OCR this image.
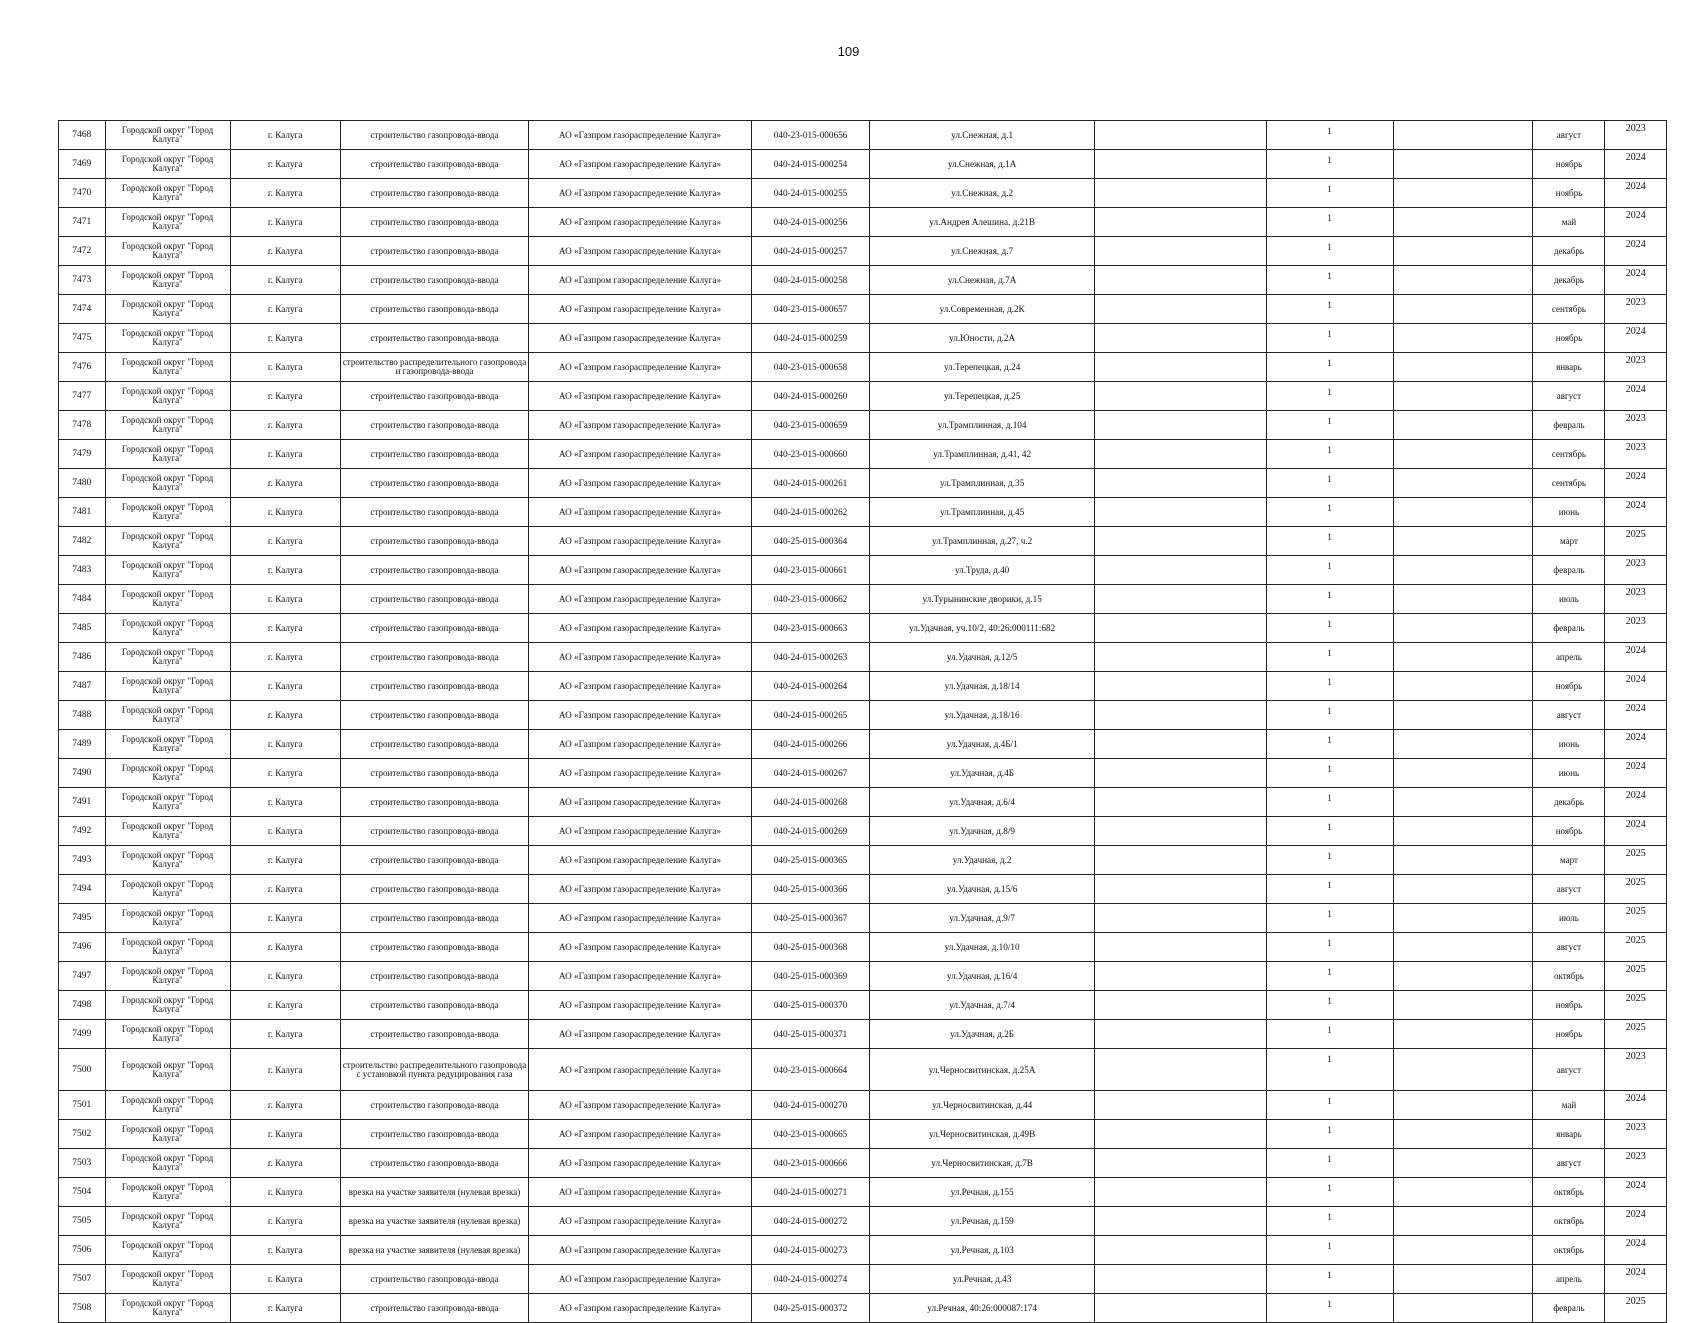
109
7468	Городской округ "Город Калуга"	г. Калуга	строительство газопровода-ввода	АО «Газпром газораспределение Калуга»	040-23-015-000656	ул.Снежная, д.1		1		август	2023
7469	Городской округ "Город Калуга"	г. Калуга	строительство газопровода-ввода	АО «Газпром газораспределение Калуга»	040-24-015-000254	ул.Снежная, д.1А		1		ноябрь	2024
7470	Городской округ "Город Калуга"	г. Калуга	строительство газопровода-ввода	АО «Газпром газораспределение Калуга»	040-24-015-000255	ул.Снежная, д.2		1		ноябрь	2024
7471	Городской округ "Город Калуга"	г. Калуга	строительство газопровода-ввода	АО «Газпром газораспределение Калуга»	040-24-015-000256	ул.Андрея Алешина, д.21В		1		май	2024
7472	Городской округ "Город Калуга"	г. Калуга	строительство газопровода-ввода	АО «Газпром газораспределение Калуга»	040-24-015-000257	ул.Снежная, д.7		1		декабрь	2024
7473	Городской округ "Город Калуга"	г. Калуга	строительство газопровода-ввода	АО «Газпром газораспределение Калуга»	040-24-015-000258	ул.Снежная, д.7А		1		декабрь	2024
7474	Городской округ "Город Калуга"	г. Калуга	строительство газопровода-ввода	АО «Газпром газораспределение Калуга»	040-23-015-000657	ул.Современная, д.2К		1		сентябрь	2023
7475	Городской округ "Город Калуга"	г. Калуга	строительство газопровода-ввода	АО «Газпром газораспределение Калуга»	040-24-015-000259	ул.Юности, д.2А		1		ноябрь	2024
7476	Городской округ "Город Калуга"	г. Калуга	строительство распределительного газопровода и газопровода-ввода	АО «Газпром газораспределение Калуга»	040-23-015-000658	ул.Терепецкая, д.24		1		январь	2023
7477	Городской округ "Город Калуга"	г. Калуга	строительство газопровода-ввода	АО «Газпром газораспределение Калуга»	040-24-015-000260	ул.Терепецкая, д.25		1		август	2024
7478	Городской округ "Город Калуга"	г. Калуга	строительство газопровода-ввода	АО «Газпром газораспределение Калуга»	040-23-015-000659	ул.Трамплинная, д.104		1		февраль	2023
7479	Городской округ "Город Калуга"	г. Калуга	строительство газопровода-ввода	АО «Газпром газораспределение Калуга»	040-23-015-000660	ул.Трамплинная, д.41, 42		1		сентябрь	2023
7480	Городской округ "Город Калуга"	г. Калуга	строительство газопровода-ввода	АО «Газпром газораспределение Калуга»	040-24-015-000261	ул.Трамплинная, д.35		1		сентябрь	2024
7481	Городской округ "Город Калуга"	г. Калуга	строительство газопровода-ввода	АО «Газпром газораспределение Калуга»	040-24-015-000262	ул.Трамплинная, д.45		1		июнь	2024
7482	Городской округ "Город Калуга"	г. Калуга	строительство газопровода-ввода	АО «Газпром газораспределение Калуга»	040-25-015-000364	ул.Трамплинная, д.27, ч.2		1		март	2025
7483	Городской округ "Город Калуга"	г. Калуга	строительство газопровода-ввода	АО «Газпром газораспределение Калуга»	040-23-015-000661	ул.Труда, д.40		1		февраль	2023
7484	Городской округ "Город Калуга"	г. Калуга	строительство газопровода-ввода	АО «Газпром газораспределение Калуга»	040-23-015-000662	ул.Турынинские дворики, д.15		1		июль	2023
7485	Городской округ "Город Калуга"	г. Калуга	строительство газопровода-ввода	АО «Газпром газораспределение Калуга»	040-23-015-000663	ул.Удачная, уч.10/2, 40:26:000111:682		1		февраль	2023
7486	Городской округ "Город Калуга"	г. Калуга	строительство газопровода-ввода	АО «Газпром газораспределение Калуга»	040-24-015-000263	ул.Удачная, д.12/5		1		апрель	2024
7487	Городской округ "Город Калуга"	г. Калуга	строительство газопровода-ввода	АО «Газпром газораспределение Калуга»	040-24-015-000264	ул.Удачная, д.18/14		1		ноябрь	2024
7488	Городской округ "Город Калуга"	г. Калуга	строительство газопровода-ввода	АО «Газпром газораспределение Калуга»	040-24-015-000265	ул.Удачная, д.18/16		1		август	2024
7489	Городской округ "Город Калуга"	г. Калуга	строительство газопровода-ввода	АО «Газпром газораспределение Калуга»	040-24-015-000266	ул.Удачная, д.4Б/1		1		июнь	2024
7490	Городской округ "Город Калуга"	г. Калуга	строительство газопровода-ввода	АО «Газпром газораспределение Калуга»	040-24-015-000267	ул.Удачная, д.4Б		1		июнь	2024
7491	Городской округ "Город Калуга"	г. Калуга	строительство газопровода-ввода	АО «Газпром газораспределение Калуга»	040-24-015-000268	ул.Удачная, д.6/4		1		декабрь	2024
7492	Городской округ "Город Калуга"	г. Калуга	строительство газопровода-ввода	АО «Газпром газораспределение Калуга»	040-24-015-000269	ул.Удачная, д.8/9		1		ноябрь	2024
7493	Городской округ "Город Калуга"	г. Калуга	строительство газопровода-ввода	АО «Газпром газораспределение Калуга»	040-25-015-000365	ул.Удачная, д.2		1		март	2025
7494	Городской округ "Город Калуга"	г. Калуга	строительство газопровода-ввода	АО «Газпром газораспределение Калуга»	040-25-015-000366	ул.Удачная, д.15/6		1		август	2025
7495	Городской округ "Город Калуга"	г. Калуга	строительство газопровода-ввода	АО «Газпром газораспределение Калуга»	040-25-015-000367	ул.Удачная, д.9/7		1		июль	2025
7496	Городской округ "Город Калуга"	г. Калуга	строительство газопровода-ввода	АО «Газпром газораспределение Калуга»	040-25-015-000368	ул.Удачная, д.10/10		1		август	2025
7497	Городской округ "Город Калуга"	г. Калуга	строительство газопровода-ввода	АО «Газпром газораспределение Калуга»	040-25-015-000369	ул.Удачная, д.16/4		1		октябрь	2025
7498	Городской округ "Город Калуга"	г. Калуга	строительство газопровода-ввода	АО «Газпром газораспределение Калуга»	040-25-015-000370	ул.Удачная, д.7/4		1		ноябрь	2025
7499	Городской округ "Город Калуга"	г. Калуга	строительство газопровода-ввода	АО «Газпром газораспределение Калуга»	040-25-015-000371	ул.Удачная, д.2Б		1		ноябрь	2025
7500	Городской округ "Город Калуга"	г. Калуга	строительство распределительного газопровода с установкой пункта редуцирования газа	АО «Газпром газораспределение Калуга»	040-23-015-000664	ул.Черносвитинская, д.25А		1		август	2023
7501	Городской округ "Город Калуга"	г. Калуга	строительство газопровода-ввода	АО «Газпром газораспределение Калуга»	040-24-015-000270	ул.Черносвитинская, д.44		1		май	2024
7502	Городской округ "Город Калуга"	г. Калуга	строительство газопровода-ввода	АО «Газпром газораспределение Калуга»	040-23-015-000665	ул.Черносвитинская, д.49В		1		январь	2023
7503	Городской округ "Город Калуга"	г. Калуга	строительство газопровода-ввода	АО «Газпром газораспределение Калуга»	040-23-015-000666	ул.Черносвитинская, д.7В		1		август	2023
7504	Городской округ "Город Калуга"	г. Калуга	врезка на участке заявителя (нулевая врезка)	АО «Газпром газораспределение Калуга»	040-24-015-000271	ул.Речная, д.155		1		октябрь	2024
7505	Городской округ "Город Калуга"	г. Калуга	врезка на участке заявителя (нулевая врезка)	АО «Газпром газораспределение Калуга»	040-24-015-000272	ул.Речная, д.159		1		октябрь	2024
7506	Городской округ "Город Калуга"	г. Калуга	врезка на участке заявителя (нулевая врезка)	АО «Газпром газораспределение Калуга»	040-24-015-000273	ул.Речная, д.103		1		октябрь	2024
7507	Городской округ "Город Калуга"	г. Калуга	строительство газопровода-ввода	АО «Газпром газораспределение Калуга»	040-24-015-000274	ул.Речная, д.43		1		апрель	2024
7508	Городской округ "Город Калуга"	г. Калуга	строительство газопровода-ввода	АО «Газпром газораспределение Калуга»	040-25-015-000372	ул.Речная, 40:26:000087:174		1		февраль	2025
